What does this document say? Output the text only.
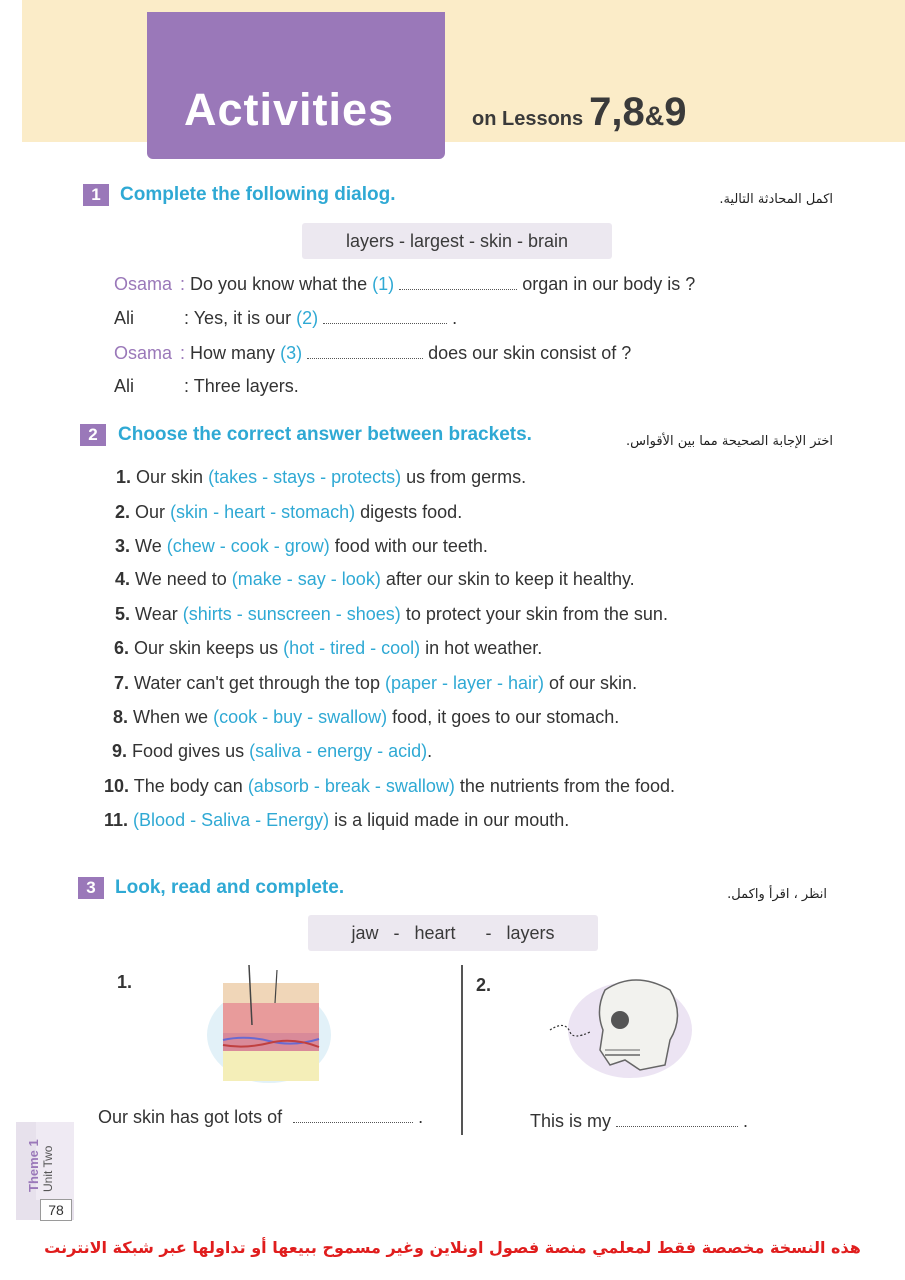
Activities	on Lessons 7,8&9
1	Complete the following dialog.	اكمل المحادثة التالية.
layers - largest - skin - brain
Osama : Do you know what the (1)	organ in our body is ?
Ali	: Yes, it is our (2)	.
Osama : How many (3)	does our skin consist of ?
Ali	: Three layers.
2	Choose the correct answer between brackets.	اختر الإجابة الصحيحة مما بين الأقواس.
1. Our skin (takes - stays - protects) us from germs.
2. Our (skin - heart - stomach) digests food.
3. We (chew - cook - grow) food with our teeth.
4. We need to (make - say - look) after our skin to keep it healthy.
5. Wear (shirts - sunscreen - shoes) to protect your skin from the sun.
6. Our skin keeps us (hot - tired - cool) in hot weather.
7. Water can't get through the top (paper - layer - hair) of our skin.
8. When we (cook - buy - swallow) food, it goes to our stomach.
9. Food gives us (saliva - energy - acid).
10. The body can (absorb - break - swallow) the nutrients from the food.
11. (Blood - Saliva - Energy) is a liquid made in our mouth.
3	Look, read and complete.	انظر ، اقرأ واكمل.
jaw   -   heart      -   layers
1.	2.
Our skin has got lots of	.	This is my	.
Theme 1 Unit Two
78
هذه النسخة مخصصة فقط لمعلمي منصة فصول اونلاين وغير مسموح ببيعها أو تداولها عبر شبكة الانترنت
